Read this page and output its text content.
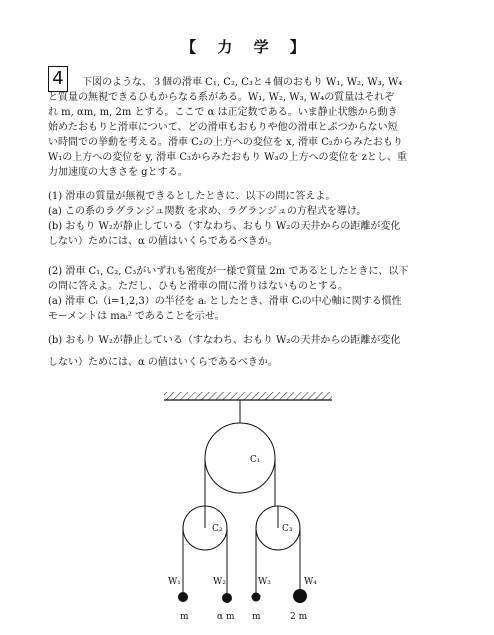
【 力 学 】
4	下図のような、３個の滑車 C₁, C₂, C₃と４個のおもり W₁, W₂, W₃, W₄
と質量の無視できるひもからなる系がある。W₁, W₂, W₃, W₄の質量はそれぞ
れ m, αm, m, 2m とする。ここで α は正定数である。いま静止状態から動き
始めたおもりと滑車について、どの滑車もおもりや他の滑車とぶつからない短
い時間での挙動を考える。滑車 C₂の上方への変位を x, 滑車 C₂からみたおもり
W₁の上方への変位を y, 滑車 C₃からみたおもり W₃の上方への変位を zとし、重
力加速度の大きさを gとする。
(1) 滑車の質量が無視できるとしたときに、以下の問に答えよ。
(a) この系のラグランジュ関数 を求め、ラグランジュの方程式を導け。
(b) おもり W₂が静止している（すなわち、おもり W₂の天井からの距離が変化
しない）ためには、α の値はいくらであるべきか。
(2) 滑車 C₁, C₂, C₃がいずれも密度が一様で質量 2m であるとしたときに、以下
の問に答えよ。ただし、ひもと滑車の間に滑りはないものとする。
(a) 滑車 Cᵢ（i=1,2,3）の半径を aᵢ としたとき、滑車 Cᵢの中心軸に関する慣性
モーメントは maᵢ² であることを示せ。
(b) おもり W₂が静止している（すなわち、おもり W₂の天井からの距離が変化
しない）ためには、α の値はいくらであるべきか。
C₁
C₂	C₃
W₁	W₂	W₃	W₄
m	α m m	2 m
